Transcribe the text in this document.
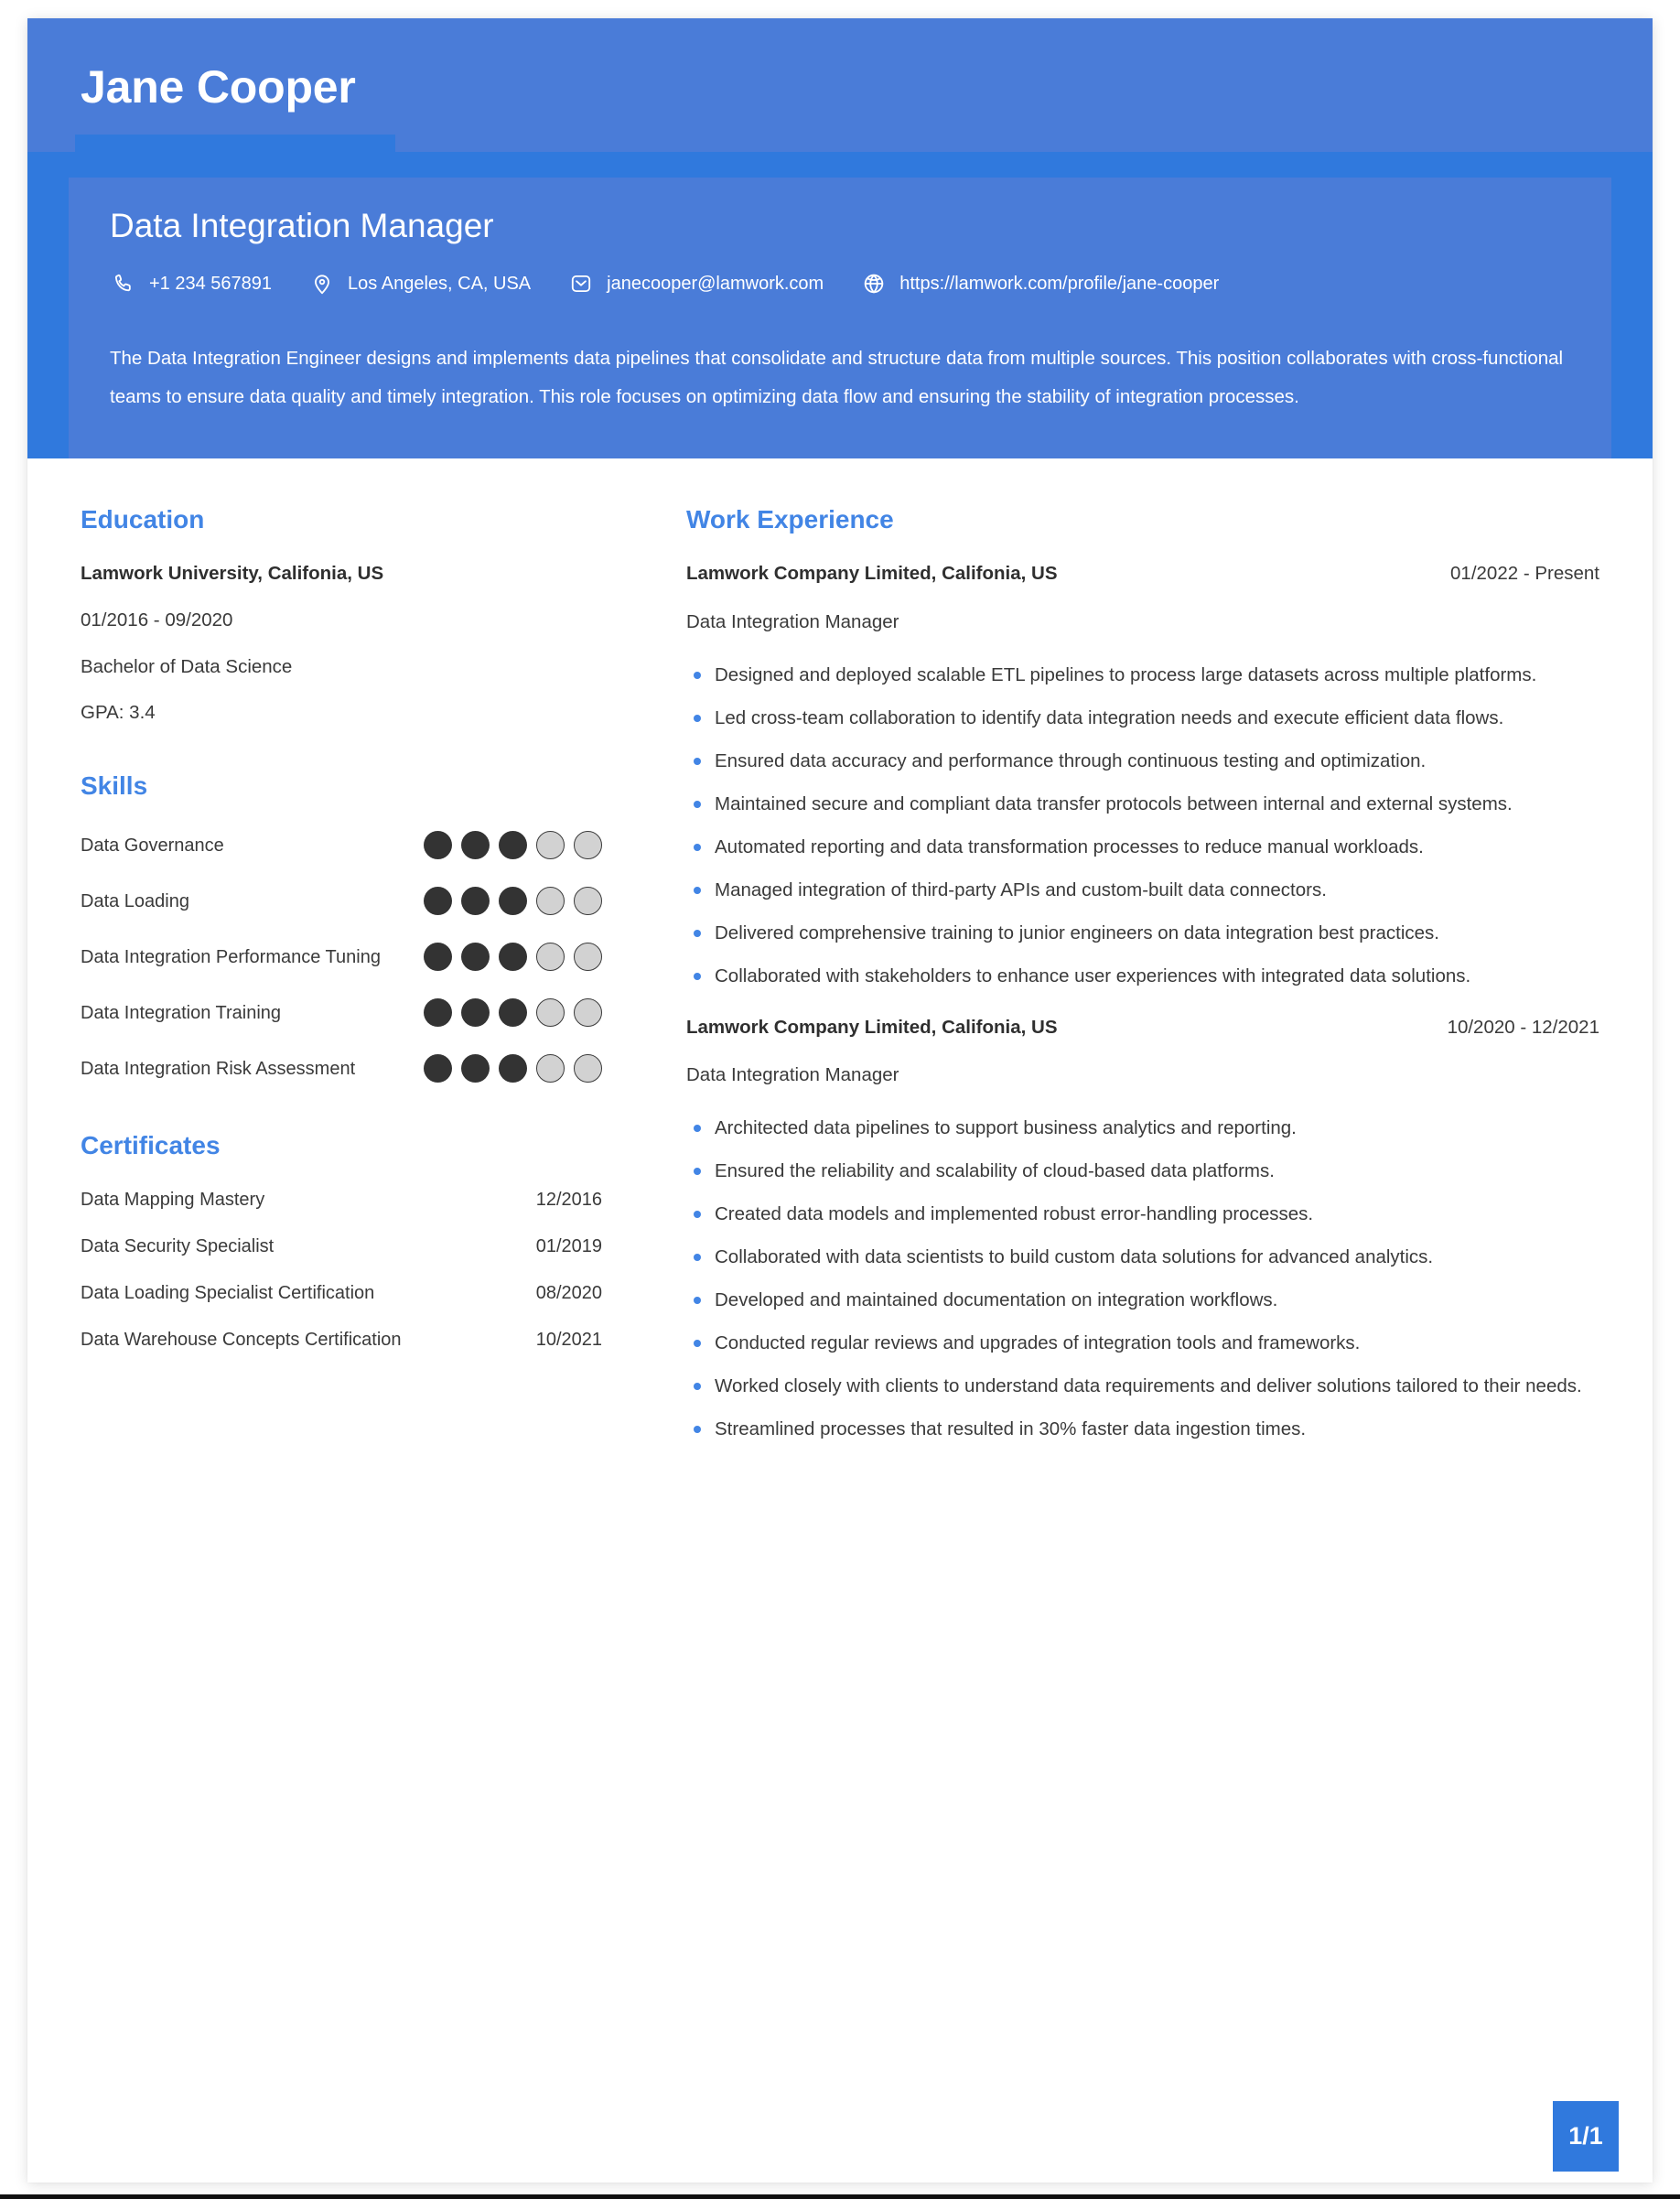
Jane Cooper
Data Integration Manager
+1 234 567891	Los Angeles, CA, USA	janecooper@lamwork.com	https://lamwork.com/profile/jane-cooper
The Data Integration Engineer designs and implements data pipelines that consolidate and structure data from multiple sources. This position collaborates with cross-functional teams to ensure data quality and timely integration. This role focuses on optimizing data flow and ensuring the stability of integration processes.
Education
Lamwork University, Califonia, US
01/2016 - 09/2020
Bachelor of Data Science
GPA: 3.4
Skills
Data Governance
Data Loading
Data Integration Performance Tuning
Data Integration Training
Data Integration Risk Assessment
Certificates
Data Mapping Mastery	12/2016
Data Security Specialist	01/2019
Data Loading Specialist Certification	08/2020
Data Warehouse Concepts Certification	10/2021
Work Experience
Lamwork Company Limited, Califonia, US	01/2022 - Present
Data Integration Manager
Designed and deployed scalable ETL pipelines to process large datasets across multiple platforms.
Led cross-team collaboration to identify data integration needs and execute efficient data flows.
Ensured data accuracy and performance through continuous testing and optimization.
Maintained secure and compliant data transfer protocols between internal and external systems.
Automated reporting and data transformation processes to reduce manual workloads.
Managed integration of third-party APIs and custom-built data connectors.
Delivered comprehensive training to junior engineers on data integration best practices.
Collaborated with stakeholders to enhance user experiences with integrated data solutions.
Lamwork Company Limited, Califonia, US	10/2020 - 12/2021
Data Integration Manager
Architected data pipelines to support business analytics and reporting.
Ensured the reliability and scalability of cloud-based data platforms.
Created data models and implemented robust error-handling processes.
Collaborated with data scientists to build custom data solutions for advanced analytics.
Developed and maintained documentation on integration workflows.
Conducted regular reviews and upgrades of integration tools and frameworks.
Worked closely with clients to understand data requirements and deliver solutions tailored to their needs.
Streamlined processes that resulted in 30% faster data ingestion times.
1/1
